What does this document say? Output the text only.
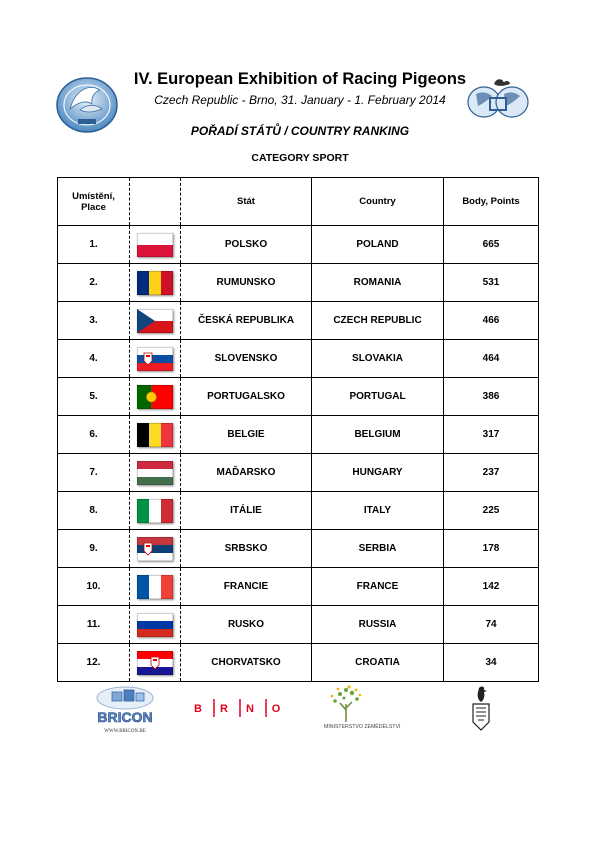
IV. European Exhibition of Racing Pigeons
Czech Republic - Brno, 31. January - 1. February 2014
POŘADÍ STÁTŮ / COUNTRY RANKING
CATEGORY SPORT
Umístění,
Place		Stát	Country	Body, Points
1.		POLSKO	POLAND	665
2.		RUMUNSKO	ROMANIA	531
3.		ČESKÁ REPUBLIKA	CZECH REPUBLIC	466
4.		SLOVENSKO	SLOVAKIA	464
5.		PORTUGALSKO	PORTUGAL	386
6.		BELGIE	BELGIUM	317
7.		MAĎARSKO	HUNGARY	237
8.		ITÁLIE	ITALY	225
9.		SRBSKO	SERBIA	178
10.		FRANCIE	FRANCE	142
11.		RUSKO	RUSSIA	74
12.		CHORVATSKO	CROATIA	34
BRICON
WWW.BRICON.BE
B R N O
MINISTERSTVO ZEMĚDĚLSTVÍ
